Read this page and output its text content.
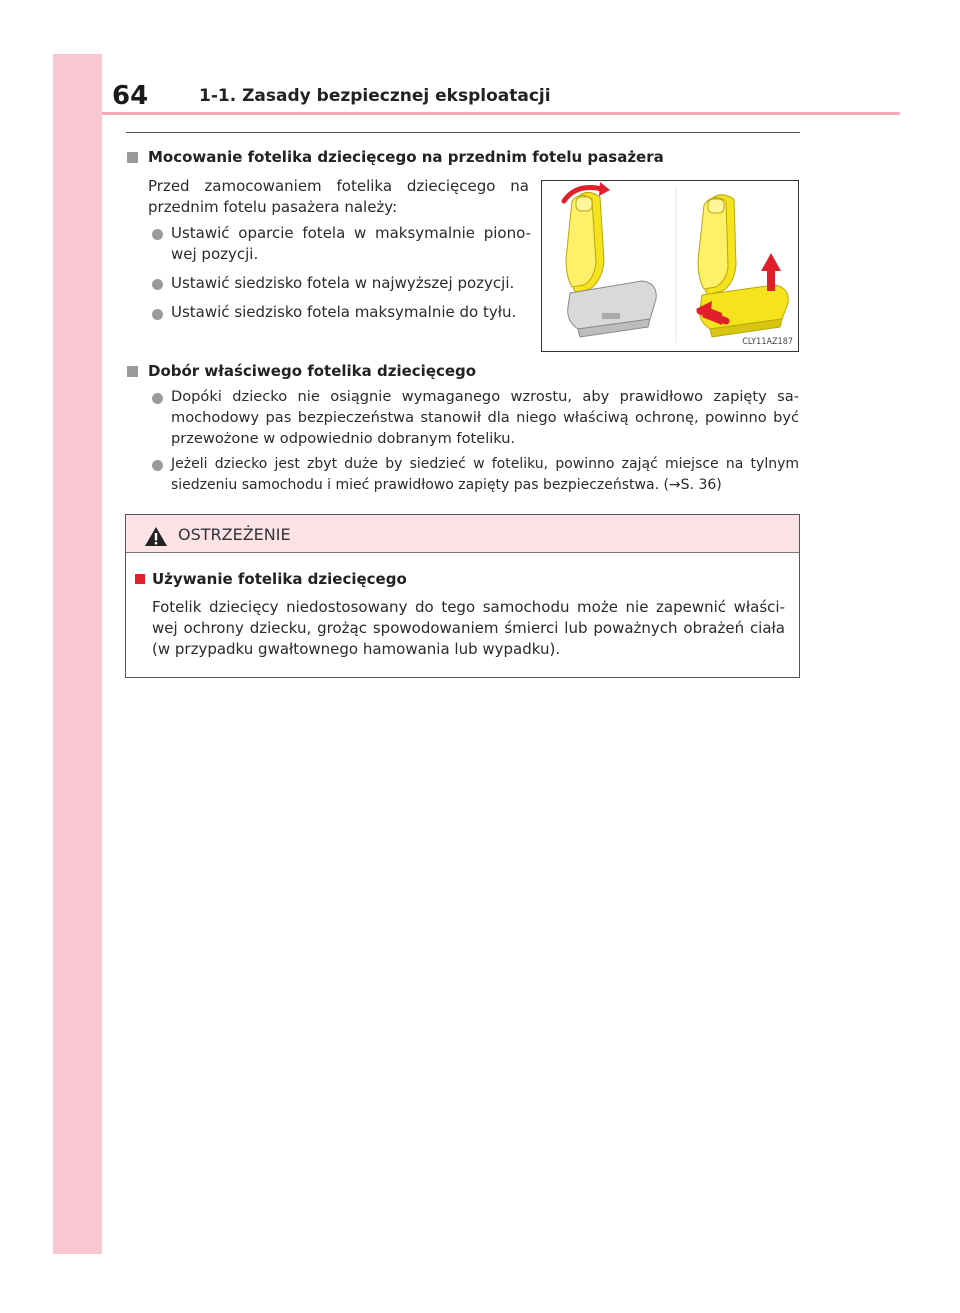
64	1-1. Zasady bezpiecznej eksploatacji
Mocowanie fotelika dziecięcego na przednim fotelu pasażera
Przed zamocowaniem fotelika dziecięcego na przednim fotelu pasażera należy:
Ustawić oparcie fotela w maksymalnie piono-wej pozycji.
Ustawić siedzisko fotela w najwyższej pozycji.
Ustawić siedzisko fotela maksymalnie do tyłu.
CLY11AZ187
Dobór właściwego fotelika dziecięcego
Dopóki dziecko nie osiągnie wymaganego wzrostu, aby prawidłowo zapięty sa-mochodowy pas bezpieczeństwa stanowił dla niego właściwą ochronę, powinno być przewożone w odpowiednio dobranym foteliku.
Jeżeli dziecko jest zbyt duże by siedzieć w foteliku, powinno zająć miejsce na tylnym siedzeniu samochodu i mieć prawidłowo zapięty pas bezpieczeństwa. (→S. 36)
OSTRZEŻENIE
Używanie fotelika dziecięcego
Fotelik dziecięcy niedostosowany do tego samochodu może nie zapewnić właści-wej ochrony dziecku, grożąc spowodowaniem śmierci lub poważnych obrażeń ciała (w przypadku gwałtownego hamowania lub wypadku).
